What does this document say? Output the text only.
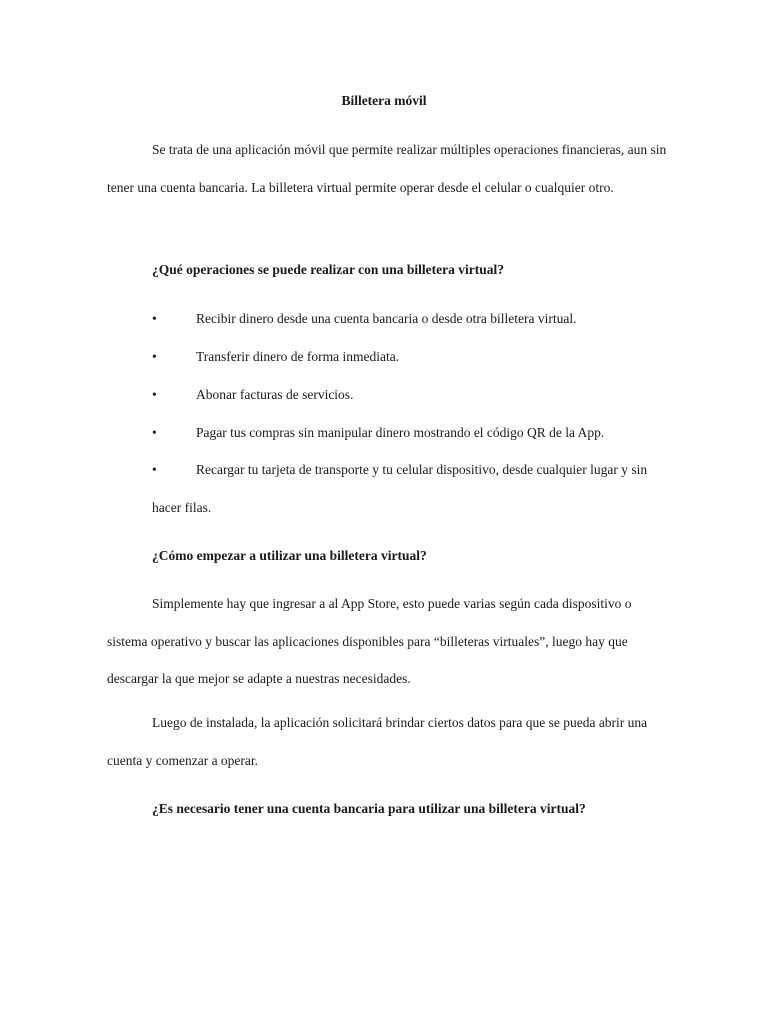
Billetera móvil

Se trata de una aplicación móvil que permite realizar múltiples operaciones financieras, aun sin tener una cuenta bancaria. La billetera virtual permite operar desde el celular o cualquier otro.

¿Qué operaciones se puede realizar con una billetera virtual?
•	Recibir dinero desde una cuenta bancaria o desde otra billetera virtual.
•	Transferir dinero de forma inmediata.
•	Abonar facturas de servicios.
•	Pagar tus compras sin manipular dinero mostrando el código QR de la App.
•	Recargar tu tarjeta de transporte y tu celular dispositivo, desde cualquier lugar y sin hacer filas.
¿Cómo empezar a utilizar una billetera virtual?

Simplemente hay que ingresar a al App Store, esto puede varias según cada dispositivo o sistema operativo y buscar las aplicaciones disponibles para “billeteras virtuales”, luego hay que descargar la que mejor se adapte a nuestras necesidades.

Luego de instalada, la aplicación solicitará brindar ciertos datos para que se pueda abrir una cuenta y comenzar a operar.

¿Es necesario tener una cuenta bancaria para utilizar una billetera virtual?
